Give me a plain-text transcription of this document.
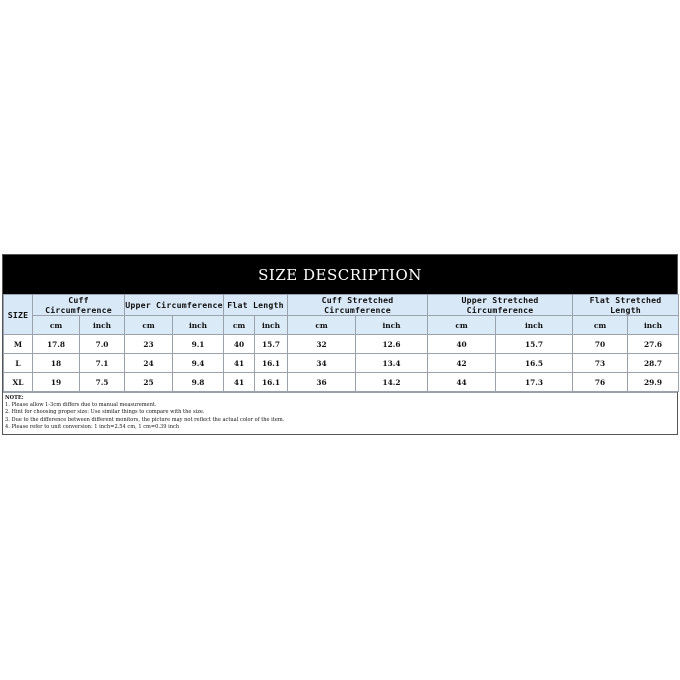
SIZE DESCRIPTION
SIZE	Cuff Circumference		Upper Circumference		Flat Length		Cuff Stretched Circumference		Upper Stretched Circumference		Flat Stretched Length	
	cm	inch	cm	inch	cm	inch	cm	inch	cm	inch	cm	inch
M	17.8	7.0	23	9.1	40	15.7	32	12.6	40	15.7	70	27.6
L	18	7.1	24	9.4	41	16.1	34	13.4	42	16.5	73	28.7
XL	19	7.5	25	9.8	41	16.1	36	14.2	44	17.3	76	29.9
NOTE:
1. Please allow 1-3cm differs due to manual measurement.
2. Hint for choosing proper size: Use similar things to compare with the size.
3. Due to the difference between different monitors, the picture may not reflect the actual color of the item.
4. Please refer to unit conversion: 1 inch=2.54 cm, 1 cm=0.39 inch
